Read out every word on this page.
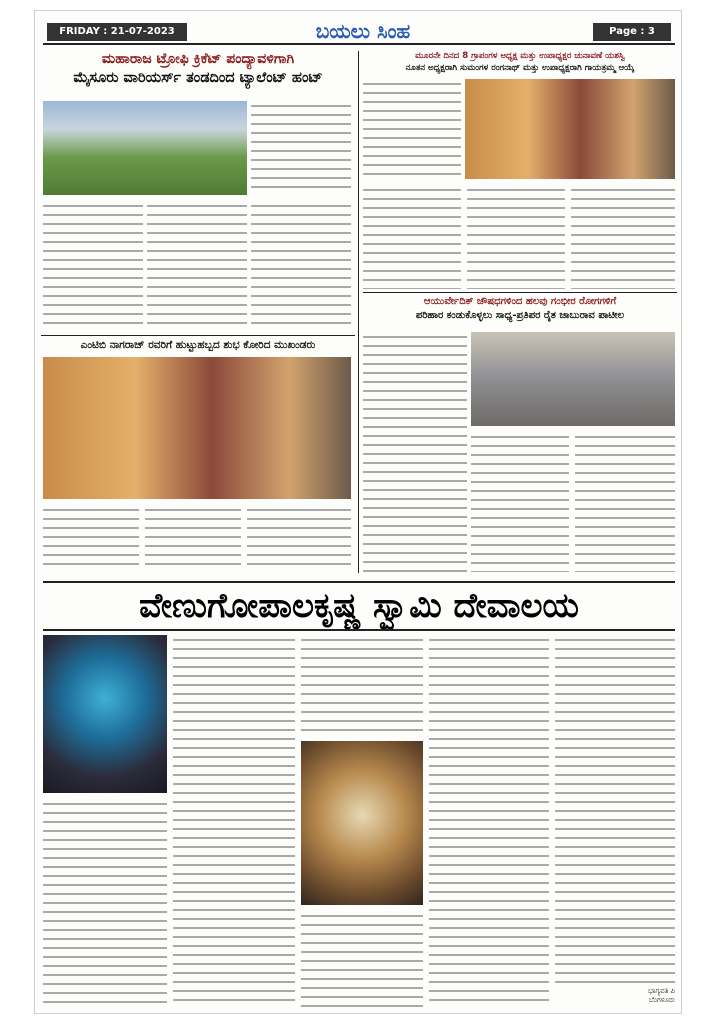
FRIDAY : 21-07-2023	ಬಯಲು ಸಿಂಹ	Page : 3
ಮಹಾರಾಜ ಟ್ರೋಫಿ ಕ್ರಿಕೆಟ್ ಪಂದ್ಯಾವಳಿಗಾಗಿ
ಮೈಸೂರು ವಾರಿಯರ್ಸ್ ತಂಡದಿಂದ ಟ್ಯಾಲೆಂಟ್ ಹಂಟ್
ಮೂರನೇ ದಿನದ 8 ಗ್ರಾಪಂಗಳ ಅಧ್ಯಕ್ಷ ಮತ್ತು ಉಪಾಧ್ಯಕ್ಷರ ಚುನಾವಣೆ ಯಶಸ್ವಿ
ನೂತನ ಅಧ್ಯಕ್ಷರಾಗಿ ಸುಮಂಗಳ ರಂಗನಾಥ್ ಮತ್ತು ಉಪಾಧ್ಯಕ್ಷರಾಗಿ ಗಾಯತ್ರಮ್ಮ ಆಯ್ಕೆ
ಆಯುರ್ವೇದಿಕ್ ಜೌಷಧಗಳಿಂದ ಹಲವು ಗಂಭೀರ ರೋಗಗಳಿಗೆ
ಪರಿಹಾರ ಕಂಡುಕೊಳ್ಳಲು ಸಾಧ್ಯ-ಪ್ರತಿಪರ ರೈತ ಜಾಬುರಾವ ಪಾಟೀಲ
ಎಂಟಿಬಿ ನಾಗರಾಜ್ ರವರಿಗೆ ಹುಟ್ಟುಹಬ್ಬದ ಶುಭ ಕೋರಿದ ಮುಖಂಡರು
ವೇಣುಗೋಪಾಲಕೃಷ್ಣ ಸ್ವಾಮಿ ದೇವಾಲಯ
ಭಾಗ್ಯವತಿ ಪಿ
ಬೆಂಗಳೂರು
